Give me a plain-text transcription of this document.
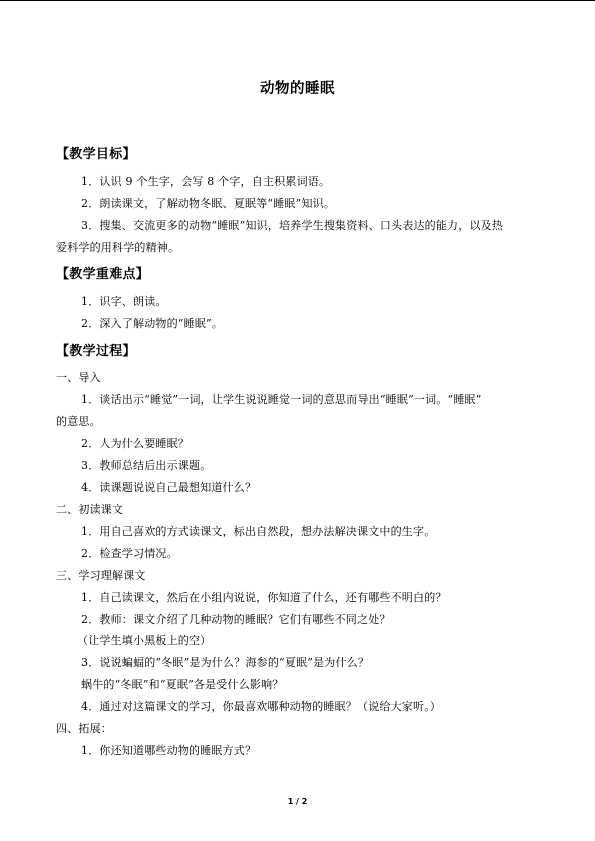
动物的睡眠
【教学目标】
1．认识 9 个生字，会写 8 个字，自主积累词语。
2．朗读课文，了解动物冬眠、夏眠等“睡眠”知识。
3．搜集、交流更多的动物“睡眠”知识，培养学生搜集资料、口头表达的能力，以及热
爱科学的用科学的精神。
【教学重难点】
1．识字、朗读。
2．深入了解动物的“睡眠”。
【教学过程】
一、导入
1．谈话出示“睡觉”一词，让学生说说睡觉一词的意思而导出“睡眠”一词。“睡眠”
的意思。
2．人为什么要睡眠？
3．教师总结后出示课题。
4．读课题说说自己最想知道什么？
二、初读课文
1．用自己喜欢的方式读课文，标出自然段，想办法解决课文中的生字。
2．检查学习情况。
三、学习理解课文
1．自己读课文，然后在小组内说说，你知道了什么，还有哪些不明白的？
2．教师：课文介绍了几种动物的睡眠？它们有哪些不同之处？
（让学生填小黑板上的空）
3．说说蝙蝠的“冬眠”是为什么？海参的“夏眠”是为什么？
蜗牛的“冬眠”和“夏眠”各是受什么影响？
4．通过对这篇课文的学习，你最喜欢哪种动物的睡眠？（说给大家听。）
四、拓展：
1．你还知道哪些动物的睡眠方式？
1 / 2
